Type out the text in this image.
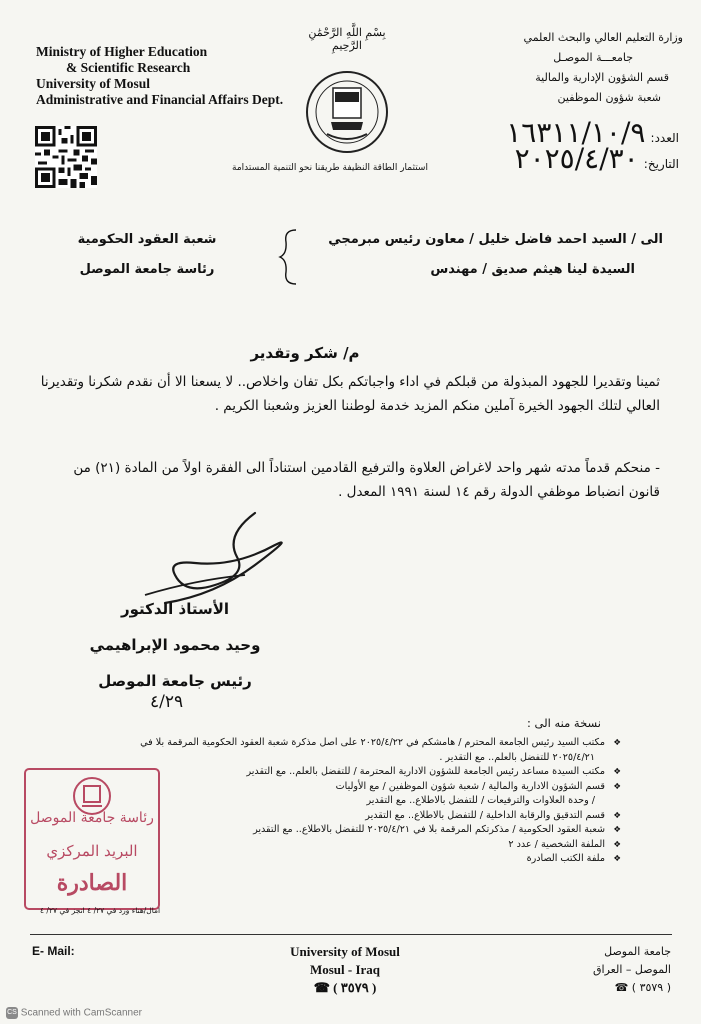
Ministry of Higher Education
& Scientific Research
University of Mosul
Administrative and Financial Affairs Dept.
بِسْمِ اللَّهِ الرَّحْمَٰنِ الرَّحِيمِ
وزارة التعليم العالي والبحث العلمي
جامعـــة الموصـل
قسم الشؤون الإدارية والمالية
شعبة شؤون الموظفين
العدد: ١٦٣١١/١٠/٩
التاريخ: ٢٠٢٥/٤/٣٠
استثمار الطاقة النظيفة طريقنا نحو التنمية المستدامة
الى / السيد احمد فاضل خليل / معاون رئيس مبرمجي
السيدة لينا هيثم صديق / مهندس
شعبة العقود الحكومية
رئاسة جامعة الموصل
م/ شكر وتقدير
ثمينا وتقديرا للجهود المبذولة من قبلكم في اداء واجباتكم بكل تفان واخلاص.. لا يسعنا الا أن نقدم شكرنا وتقديرنا العالي لتلك الجهود الخيرة آملين منكم المزيد خدمة لوطننا العزيز وشعبنا الكريم .
- منحكم قدماً مدته شهر واحد لاغراض العلاوة والترفيع القادمين استناداً الى الفقرة اولاً من المادة (٢١) من قانون انضباط موظفي الدولة رقم ١٤ لسنة ١٩٩١ المعدل .
الأستاذ الدكتور
وحيد محمود الإبراهيمي
رئيس جامعة الموصل
٤/٢٩
نسخة منه الى :
❖ مكتب السيد رئيس الجامعة المحترم / هامشكم في ٢٠٢٥/٤/٢٢ على اصل مذكرة شعبة العقود الحكومية المرقمة بلا في
٢٠٢٥/٤/٢١ للتفضل بالعلم.. مع التقدير .
❖ مكتب السيدة مساعد رئيس الجامعة للشؤون الادارية المحترمة / للتفضل بالعلم.. مع التقدير
❖ قسم الشؤون الادارية والمالية / شعبة شؤون الموظفين / مع الأوليات
/ وحدة العلاوات والترفيعات / للتفضل بالاطلاع.. مع التقدير
❖ قسم التدقيق والرقابة الداخلية / للتفضل بالاطلاع.. مع التقدير
❖ شعبة العقود الحكومية / مذكرتكم المرقمة بلا في ٢٠٢٥/٤/٢١ للتفضل بالاطلاع.. مع التقدير
❖ الملفة الشخصية / عدد ٢
❖ ملفة الكتب الصادرة
رئاسة جامعة الموصل
البريد المركزي
الصادرة
امال/هناء ورد في ٢٧/ ٤ انجز في ٢٧/ ٤
E- Mail:	University of Mosul
Mosul - Iraq
( ٣٥٧٩ ) ☎
جامعة الموصل
الموصل – العراق
( ٣٥٧٩ ) ☎
CS Scanned with CamScanner
